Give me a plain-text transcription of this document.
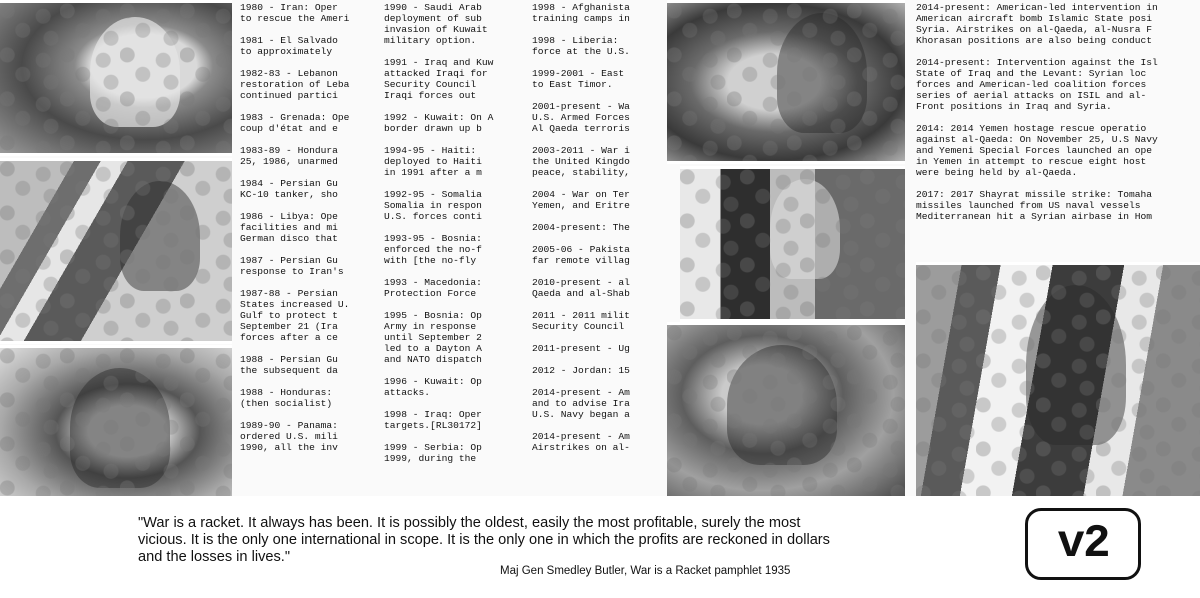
1980 - Iran: Oper
to rescue the Ameri
1981 - El Salvado
to approximately
1982-83 - Lebanon
restoration of Leba
continued partici
1983 - Grenada: Ope
coup d'état and e
1983-89 - Hondura
25, 1986, unarmed
1984 - Persian Gu
KC-10 tanker, sho
1986 - Libya: Ope
facilities and mi
German disco that
1987 - Persian Gu
response to Iran's
1987-88 - Persian
States increased U.
Gulf to protect t
September 21 (Ira
forces after a ce
1988 - Persian Gu
the subsequent da
1988 - Honduras:
(then socialist)
1989-90 - Panama:
ordered U.S. mili
1990, all the inv
1990 - Saudi Arab
deployment of sub
invasion of Kuwait
military option.
1991 - Iraq and Kuw
attacked Iraqi for
Security Council
Iraqi forces out
1992 - Kuwait: On A
border drawn up b
1994-95 - Haiti:
deployed to Haiti
in 1991 after a m
1992-95 - Somalia
Somalia in respon
U.S. forces conti
1993-95 - Bosnia:
enforced the no-f
with [the no-fly
1993 - Macedonia:
Protection Force
1995 - Bosnia: Op
Army in response
until September 2
led to a Dayton A
and NATO dispatch
1996 - Kuwait: Op
attacks.
1998 - Iraq: Oper
targets.[RL30172]
1999 - Serbia: Op
1999, during the
1998 - Afghanista
training camps in
1998 - Liberia:
force at the U.S.
1999-2001 - East
to East Timor.
2001-present - Wa
U.S. Armed Forces
Al Qaeda terroris
2003-2011 - War i
the United Kingdo
peace, stability,
2004 - War on Ter
Yemen, and Eritre
2004-present: The
2005-06 - Pakista
far remote villag
2010-present - al
Qaeda and al-Shab
2011 - 2011 milit
Security Council
2011-present - Ug
2012 - Jordan: 15
2014-present - Am
and to advise Ira
U.S. Navy began a
2014-present - Am
Airstrikes on al-
2014-present: American-led intervention in
American aircraft bomb Islamic State posi
Syria. Airstrikes on al-Qaeda, al-Nusra F
Khorasan positions are also being conduct
2014-present: Intervention against the Isl
State of Iraq and the Levant: Syrian loc
forces and American-led coalition forces
series of aerial attacks on ISIL and al-
Front positions in Iraq and Syria.
2014: 2014 Yemen hostage rescue operatio
against al-Qaeda: On November 25, U.S Navy
and Yemeni Special Forces launched an ope
in Yemen in attempt to rescue eight host
were being held by al-Qaeda.
2017: 2017 Shayrat missile strike: Tomaha
missiles launched from US naval vessels
Mediterranean hit a Syrian airbase in Hom
"War is a racket. It always has been. It is possibly the oldest, easily the most profitable, surely the most
vicious. It is the only one international in scope. It is the only one in which the profits are reckoned in dollars
and the losses in lives."
Maj Gen Smedley Butler, War is a Racket pamphlet 1935
v2
